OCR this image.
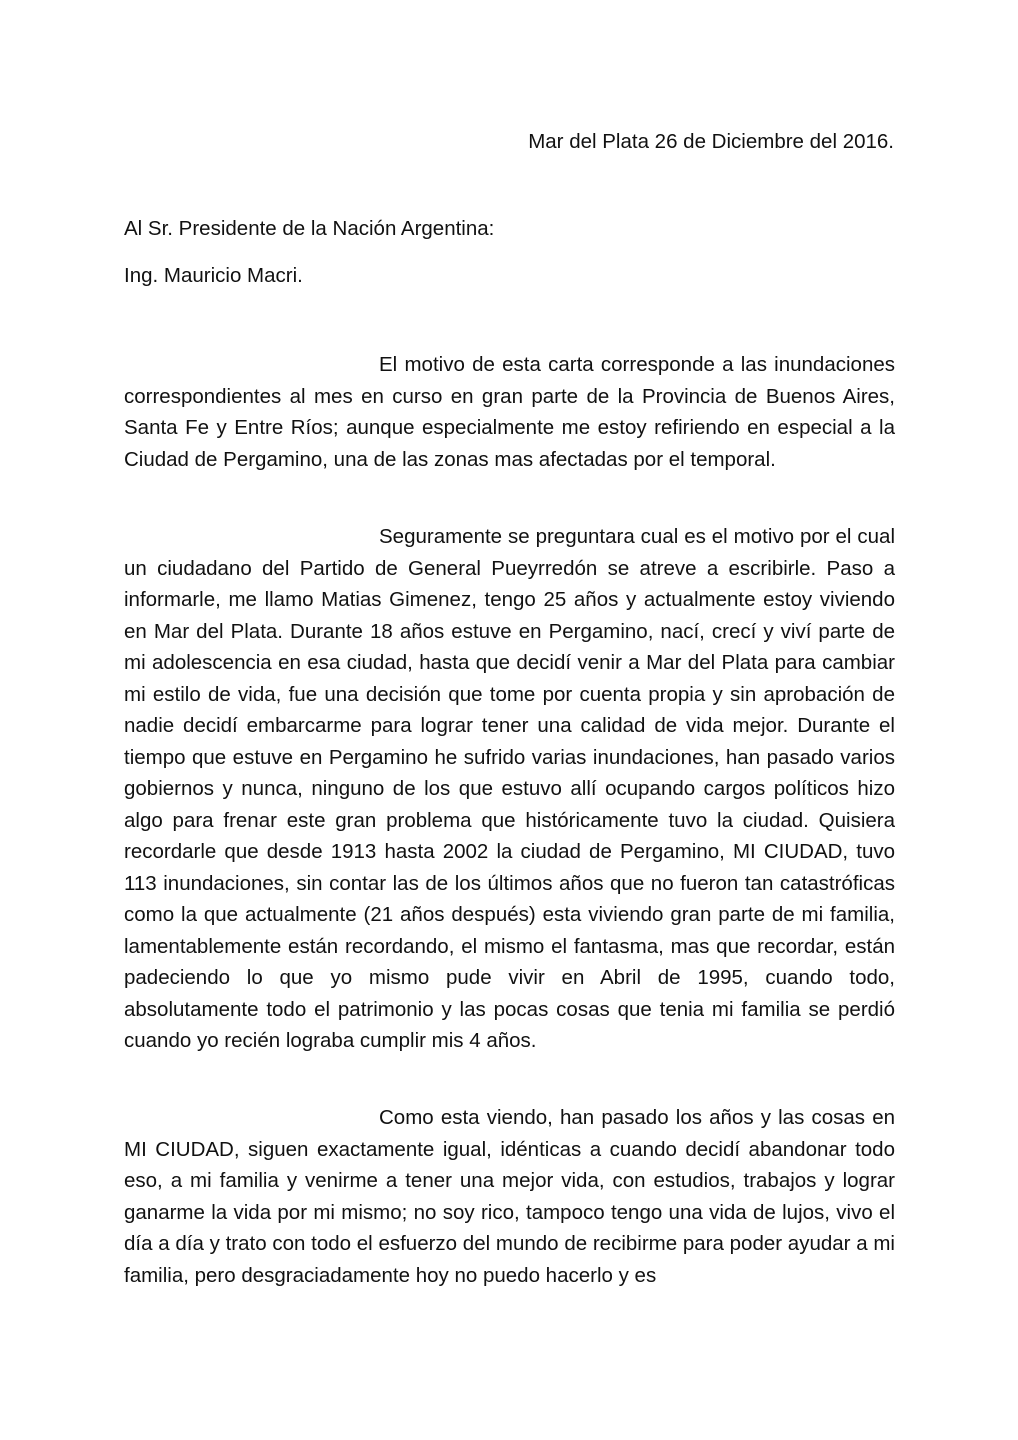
Mar del Plata 26 de Diciembre del 2016.
Al Sr. Presidente de la Nación Argentina:
Ing. Mauricio Macri.

El motivo de esta carta corresponde a las inundaciones correspondientes al mes en curso en gran parte de la Provincia de Buenos Aires, Santa Fe y Entre Ríos; aunque especialmente me estoy refiriendo en especial a la Ciudad de Pergamino, una de las zonas mas afectadas por el temporal.

Seguramente se preguntara cual es el motivo por el cual un ciudadano del Partido de General Pueyrredón se atreve a escribirle. Paso a informarle, me llamo Matias Gimenez, tengo 25 años y actualmente estoy viviendo en Mar del Plata. Durante 18 años estuve en Pergamino, nací, crecí y viví parte de mi adolescencia en esa ciudad, hasta que decidí venir a Mar del Plata para cambiar mi estilo de vida, fue una decisión que tome por cuenta propia y sin aprobación de nadie decidí embarcarme para lograr tener una calidad de vida mejor. Durante el tiempo que estuve en Pergamino he sufrido varias inundaciones, han pasado varios gobiernos y nunca, ninguno de los que estuvo allí ocupando cargos políticos hizo algo para frenar este gran problema que históricamente tuvo la ciudad. Quisiera recordarle que desde 1913 hasta 2002 la ciudad de Pergamino, MI CIUDAD, tuvo 113 inundaciones, sin contar las de los últimos años que no fueron tan catastróficas como la que actualmente (21 años después) esta viviendo gran parte de mi familia, lamentablemente están recordando, el mismo el fantasma, mas que recordar, están padeciendo lo que yo mismo pude vivir en Abril de 1995, cuando todo, absolutamente todo el patrimonio y las pocas cosas que tenia mi familia se perdió cuando yo recién lograba cumplir mis 4 años.

Como esta viendo, han pasado los años y las cosas en MI CIUDAD, siguen exactamente igual, idénticas a cuando decidí abandonar todo eso, a mi familia y venirme a tener una mejor vida, con estudios, trabajos y lograr ganarme la vida por mi mismo; no soy rico, tampoco tengo una vida de lujos, vivo el día a día y trato con todo el esfuerzo del mundo de recibirme para poder ayudar a mi familia, pero desgraciadamente hoy no puedo hacerlo y es
